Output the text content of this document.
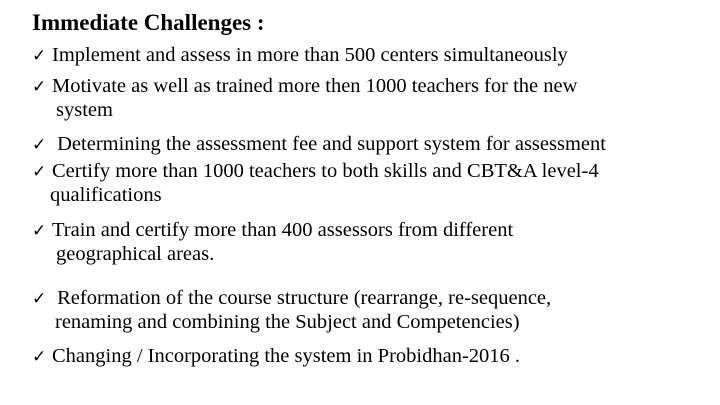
Immediate Challenges :
✓ Implement and assess in more than 500 centers simultaneously
✓ Motivate as well as trained more then 1000 teachers for the new
system
✓ Determining the assessment fee and support system for assessment
✓ Certify more than 1000 teachers to both skills and CBT&A level-4
qualifications
✓ Train and certify more than 400 assessors from different
geographical areas.
✓ Reformation of the course structure (rearrange, re-sequence,
renaming and combining the Subject and Competencies)
✓ Changing / Incorporating the system in Probidhan-2016 .
